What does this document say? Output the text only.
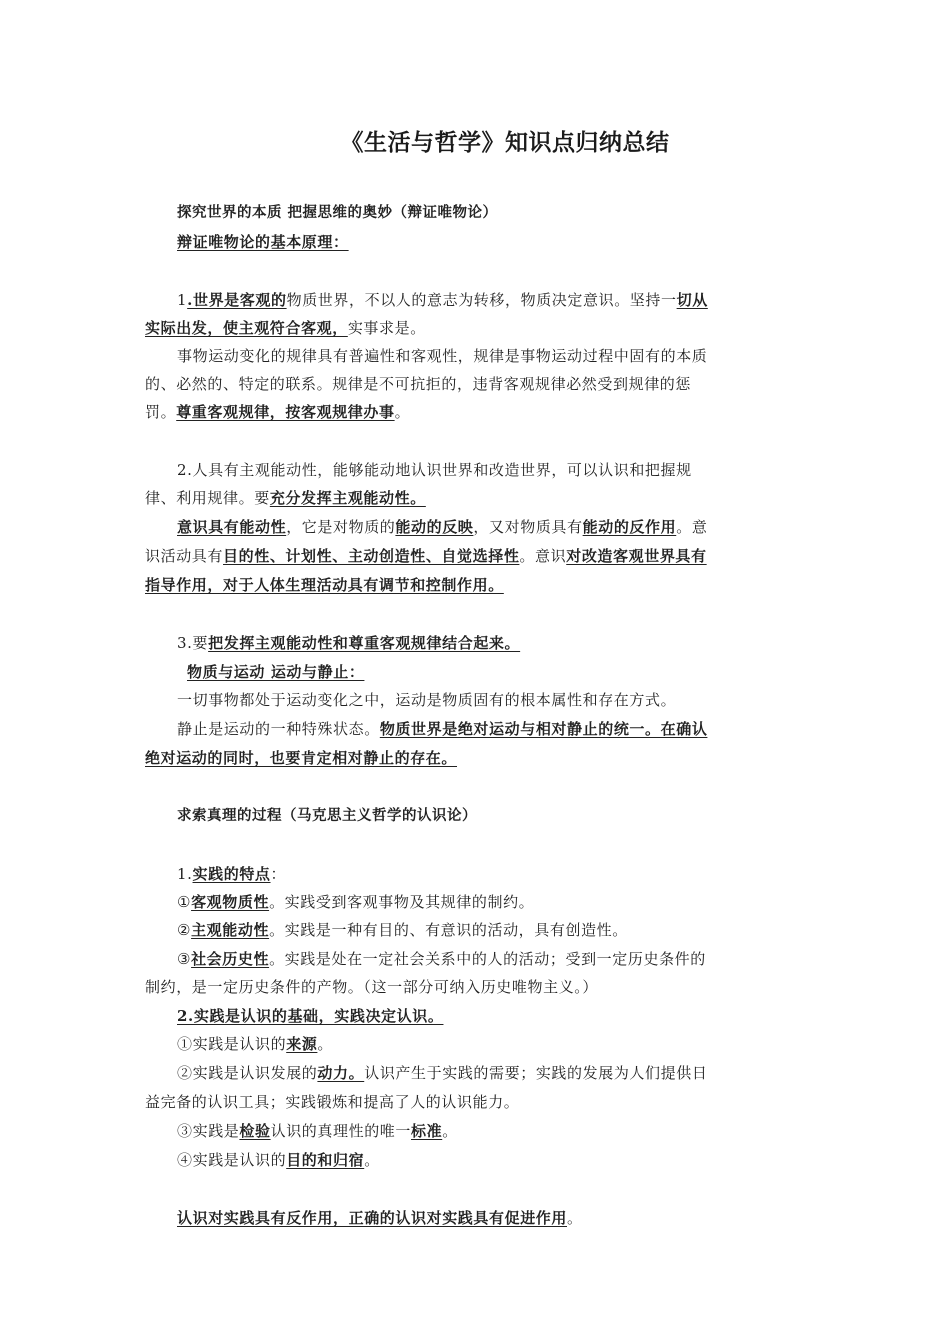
《生活与哲学》知识点归纳总结
探究世界的本质 把握思维的奥妙（辩证唯物论）
辩证唯物论的基本原理：
1.世界是客观的物质世界，不以人的意志为转移，物质决定意识。坚持一切从
实际出发，使主观符合客观，实事求是。
事物运动变化的规律具有普遍性和客观性，规律是事物运动过程中固有的本质
的、必然的、特定的联系。规律是不可抗拒的，违背客观规律必然受到规律的惩
罚。尊重客观规律，按客观规律办事。
2.人具有主观能动性，能够能动地认识世界和改造世界，可以认识和把握规
律、利用规律。要充分发挥主观能动性。
意识具有能动性，它是对物质的能动的反映，又对物质具有能动的反作用。意
识活动具有目的性、计划性、主动创造性、自觉选择性。意识对改造客观世界具有
指导作用，对于人体生理活动具有调节和控制作用。
3.要把发挥主观能动性和尊重客观规律结合起来。
物质与运动 运动与静止：
一切事物都处于运动变化之中，运动是物质固有的根本属性和存在方式。
静止是运动的一种特殊状态。物质世界是绝对运动与相对静止的统一。在确认
绝对运动的同时，也要肯定相对静止的存在。
求索真理的过程（马克思主义哲学的认识论）
1.实践的特点：
①客观物质性。实践受到客观事物及其规律的制约。
②主观能动性。实践是一种有目的、有意识的活动，具有创造性。
③社会历史性。实践是处在一定社会关系中的人的活动；受到一定历史条件的
制约，是一定历史条件的产物。（这一部分可纳入历史唯物主义。）
2.实践是认识的基础，实践决定认识。
①实践是认识的来源。
②实践是认识发展的动力。认识产生于实践的需要；实践的发展为人们提供日
益完备的认识工具；实践锻炼和提高了人的认识能力。
③实践是检验认识的真理性的唯一标准。
④实践是认识的目的和归宿。
认识对实践具有反作用，正确的认识对实践具有促进作用。
